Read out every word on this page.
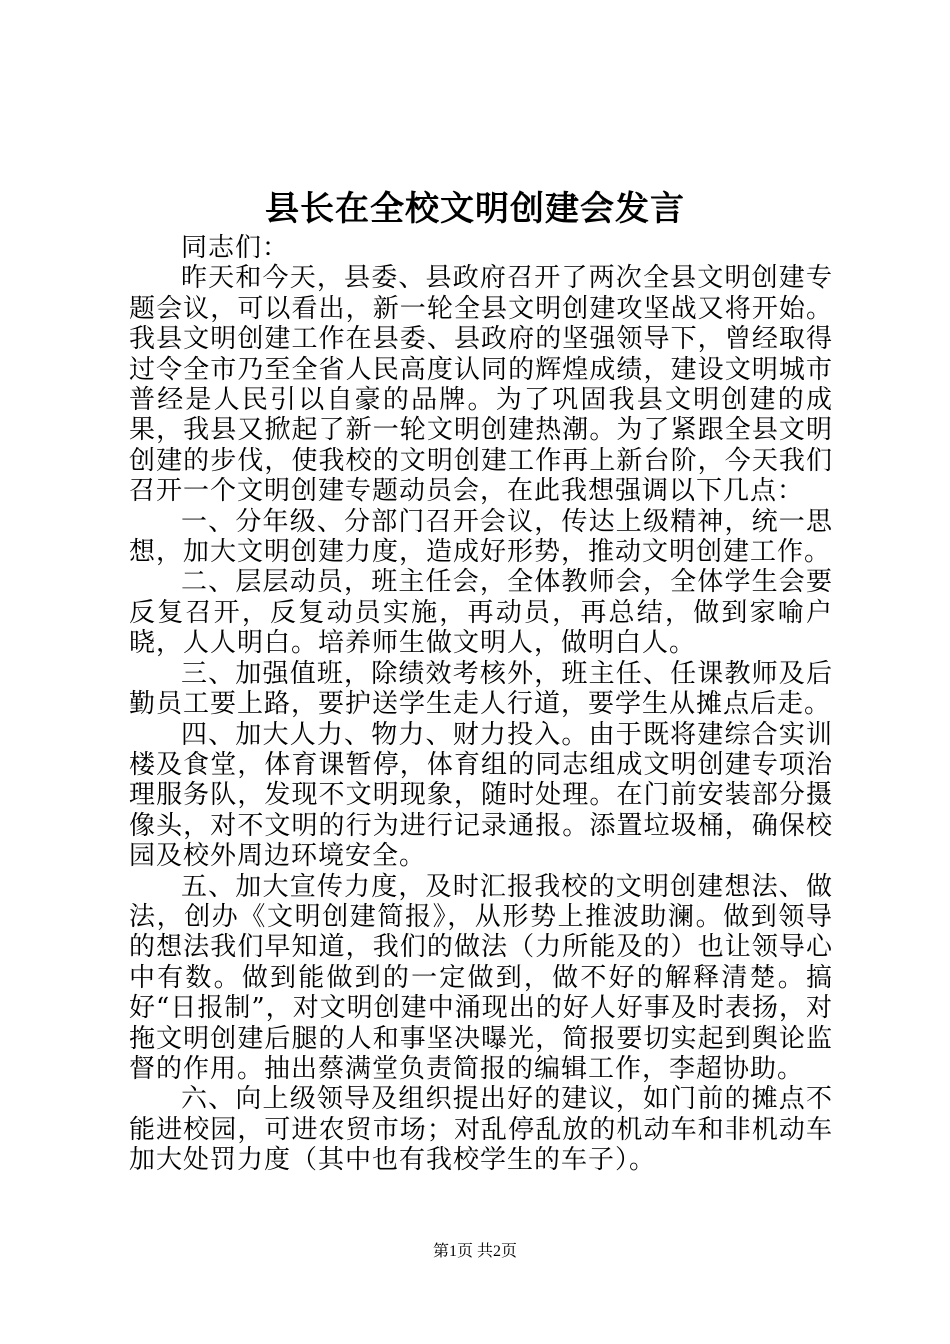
县长在全校文明创建会发言

同志们：

昨天和今天，县委、县政府召开了两次全县文明创建专题会议，可以看出，新一轮全县文明创建攻坚战又将开始。我县文明创建工作在县委、县政府的坚强领导下，曾经取得过令全市乃至全省人民高度认同的辉煌成绩，建设文明城市普经是人民引以自豪的品牌。为了巩固我县文明创建的成果，我县又掀起了新一轮文明创建热潮。为了紧跟全县文明创建的步伐，使我校的文明创建工作再上新台阶，今天我们召开一个文明创建专题动员会，在此我想强调以下几点：

一、分年级、分部门召开会议，传达上级精神，统一思想，加大文明创建力度，造成好形势，推动文明创建工作。

二、层层动员，班主任会，全体教师会，全体学生会要反复召开，反复动员实施，再动员，再总结，做到家喻户晓，人人明白。培养师生做文明人，做明白人。

三、加强值班，除绩效考核外，班主任、任课教师及后勤员工要上路，要护送学生走人行道，要学生从摊点后走。

四、加大人力、物力、财力投入。由于既将建综合实训楼及食堂，体育课暂停，体育组的同志组成文明创建专项治理服务队，发现不文明现象，随时处理。在门前安装部分摄像头，对不文明的行为进行记录通报。添置垃圾桶，确保校园及校外周边环境安全。

五、加大宣传力度，及时汇报我校的文明创建想法、做法，创办《文明创建简报》，从形势上推波助澜。做到领导的想法我们早知道，我们的做法（力所能及的）也让领导心中有数。做到能做到的一定做到，做不好的解释清楚。搞好“日报制”，对文明创建中涌现出的好人好事及时表扬，对拖文明创建后腿的人和事坚决曝光，简报要切实起到舆论监督的作用。抽出蔡满堂负责简报的编辑工作，李超协助。

六、向上级领导及组织提出好的建议，如门前的摊点不能进校园，可进农贸市场；对乱停乱放的机动车和非机动车加大处罚力度（其中也有我校学生的车子）。

第1页 共2页
